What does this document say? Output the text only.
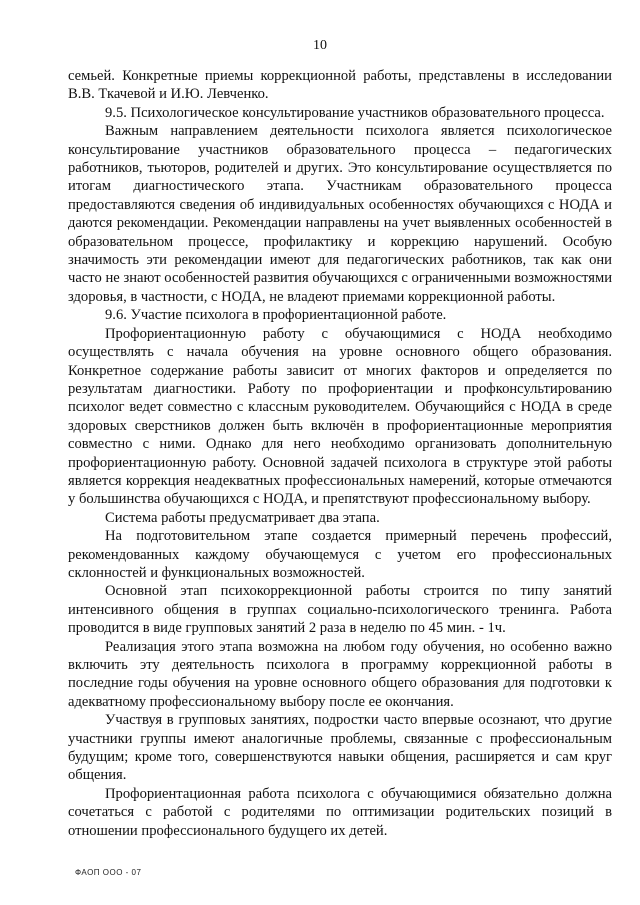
10

семьей. Конкретные приемы коррекционной работы, представлены в исследовании В.В. Ткачевой и И.Ю. Левченко.

9.5. Психологическое консультирование участников образовательного процесса.

Важным направлением деятельности психолога является психологическое консультирование участников образовательного процесса – педагогических работников, тьюторов, родителей и других. Это консультирование осуществляется по итогам диагностического этапа. Участникам образовательного процесса предоставляются сведения об индивидуальных особенностях обучающихся с НОДА и даются рекомендации. Рекомендации направлены на учет выявленных особенностей в образовательном процессе, профилактику и коррекцию нарушений. Особую значимость эти рекомендации имеют для педагогических работников, так как они часто не знают особенностей развития обучающихся с ограниченными возможностями здоровья, в частности, с НОДА, не владеют приемами коррекционной работы.

9.6. Участие психолога в профориентационной работе.

Профориентационную работу с обучающимися с НОДА необходимо осуществлять с начала обучения на уровне основного общего образования. Конкретное содержание работы зависит от многих факторов и определяется по результатам диагностики. Работу по профориентации и профконсультированию психолог ведет совместно с классным руководителем. Обучающийся с НОДА в среде здоровых сверстников должен быть включён в профориентационные мероприятия совместно с ними. Однако для него необходимо организовать дополнительную профориентационную работу. Основной задачей психолога в структуре этой работы является коррекция неадекватных профессиональных намерений, которые отмечаются у большинства обучающихся с НОДА, и препятствуют профессиональному выбору.

Система работы предусматривает два этапа.

На подготовительном этапе создается примерный перечень профессий, рекомендованных каждому обучающемуся с учетом его профессиональных склонностей и функциональных возможностей.

Основной этап психокоррекционной работы строится по типу занятий интенсивного общения в группах социально-психологического тренинга. Работа проводится в виде групповых занятий 2 раза в неделю по 45 мин. - 1ч.

Реализация этого этапа возможна на любом году обучения, но особенно важно включить эту деятельность психолога в программу коррекционной работы в последние годы обучения на уровне основного общего образования для подготовки к адекватному профессиональному выбору после ее окончания.

Участвуя в групповых занятиях, подростки часто впервые осознают, что другие участники группы имеют аналогичные проблемы, связанные с профессиональным будущим; кроме того, совершенствуются навыки общения, расширяется и сам круг общения.

Профориентационная работа психолога с обучающимися обязательно должна сочетаться с работой с родителями по оптимизации родительских позиций в отношении профессионального будущего их детей.

ФАОП ООО - 07
